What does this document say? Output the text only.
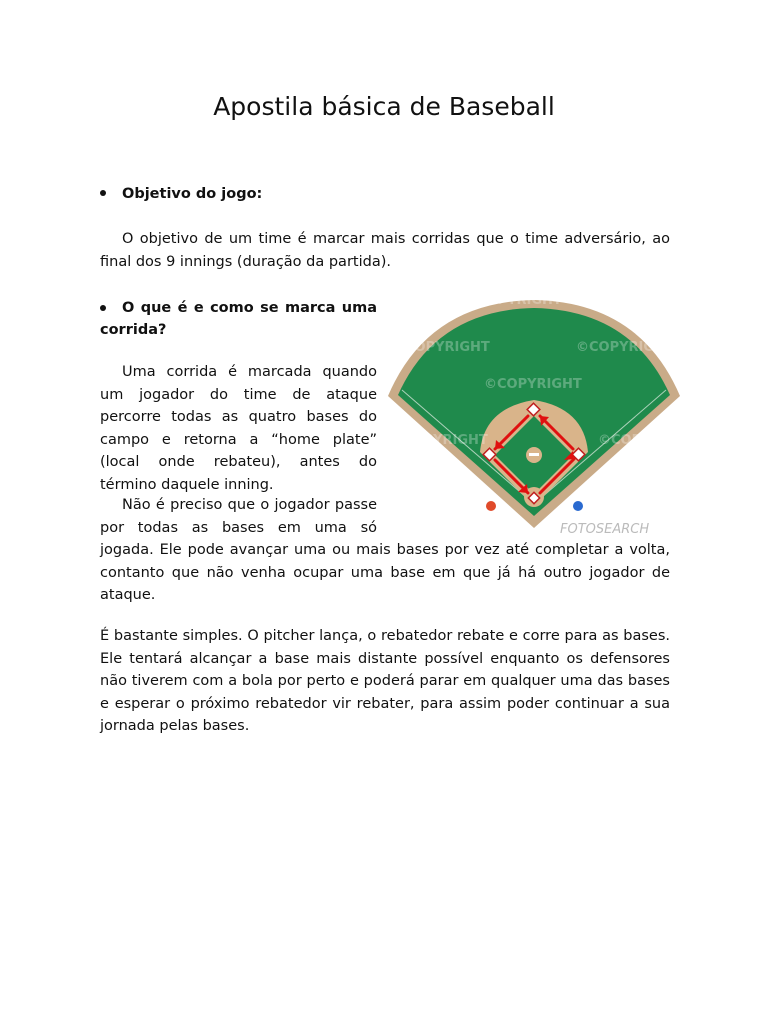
Apostila básica de Baseball
Objetivo do jogo:

O objetivo de um time é marcar mais corridas que o time adversário, ao final dos 9 innings (duração da partida).

O que é e como se marca uma
corrida?
Uma corrida é marcada quando
um jogador do time de ataque
percorre todas as quatro bases do
campo e retorna a “home plate”
(local onde rebateu), antes do
término daquele inning.
Não é preciso que o jogador passe
por todas as bases em uma só
jogada. Ele pode avançar uma ou mais bases por vez até completar a volta,
contanto que não venha ocupar uma base em que já há outro jogador de
ataque.

É bastante simples. O pitcher lança, o rebatedor rebate e corre para as bases. Ele tentará alcançar a base mais distante possível enquanto os defensores não tiverem com a bola por perto e poderá parar em qualquer uma das bases e esperar o próximo rebatedor vir rebater, para assim poder continuar a sua jornada pelas bases.

©COPYRIGHT	©COPYRIGHT
©COPYRIGHT
©COPYRIGHT	©COPYRIGHT
©COPYRIGHT
©COPYRIGHT	FOTOSEARCH
